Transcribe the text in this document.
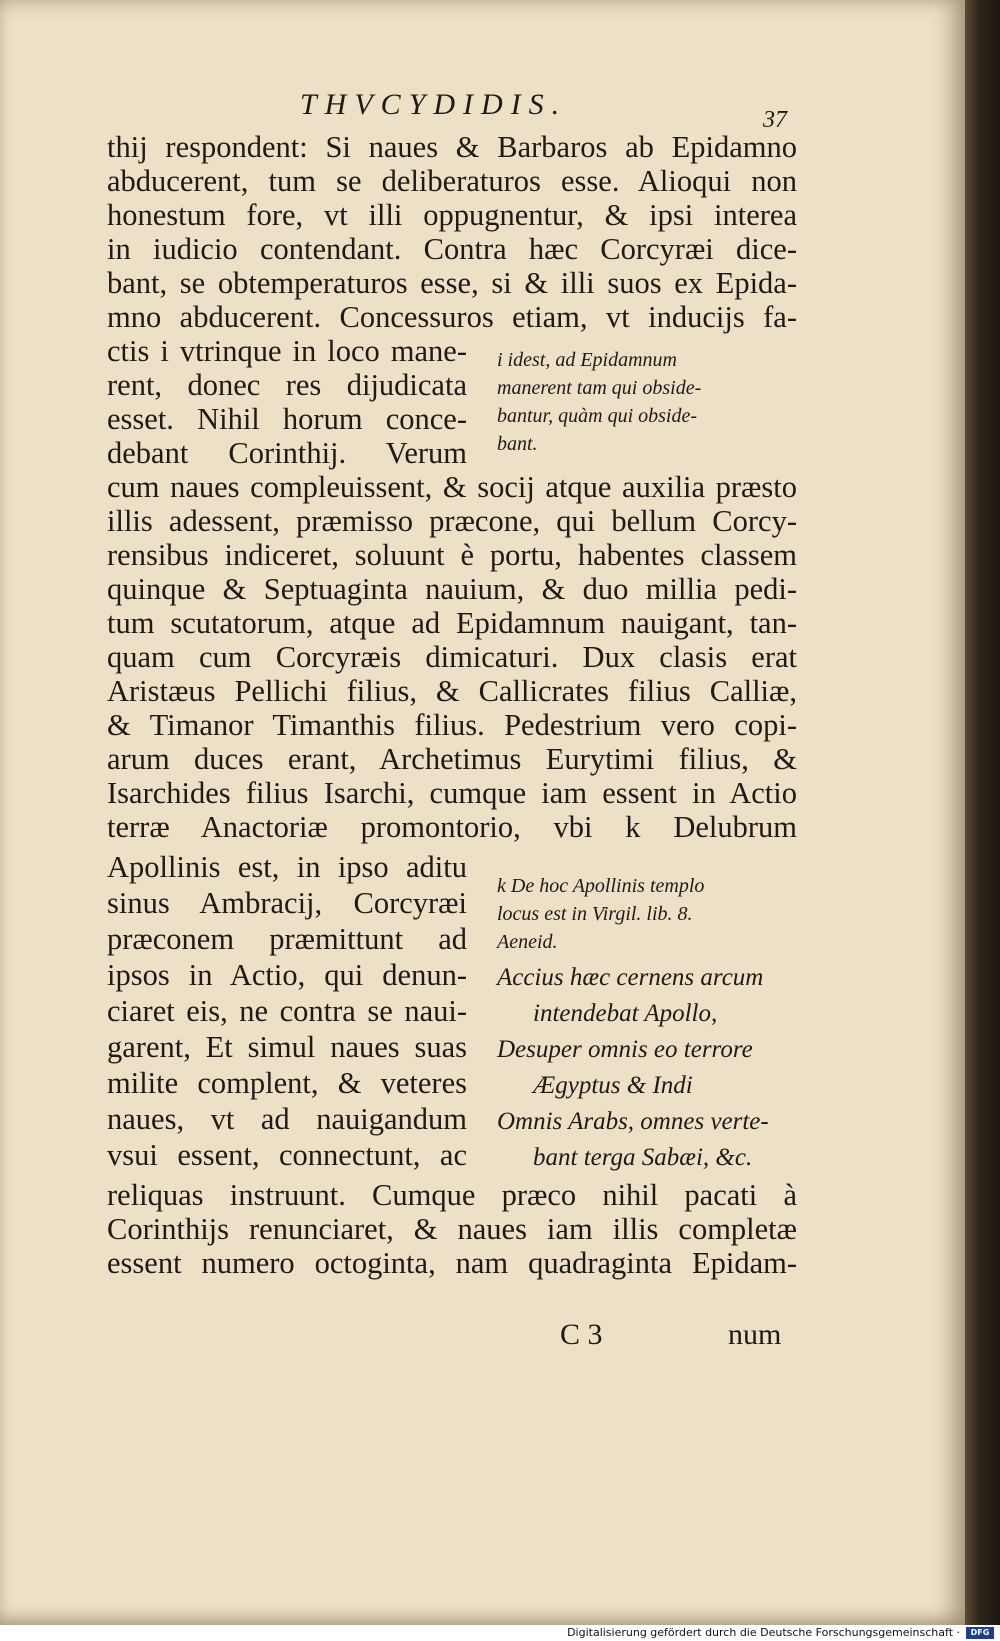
THVCYDIDIS.	37
thij respondent: Si naues & Barbaros ab Epidamno
abducerent, tum se deliberaturos esse. Alioqui non
honestum fore, vt illi oppugnentur, & ipsi interea
in iudicio contendant. Contra hæc Corcyræi dice-
bant, se obtemperaturos esse, si & illi suos ex Epida-
mno abducerent. Concessuros etiam, vt inducijs fa-
ctis i vtrinque in loco mane-
rent, donec res dijudicata
esset. Nihil horum conce-
debant Corinthij. Verum
i idest, ad Epidamnum
manerent tam qui obside-
bantur, quàm qui obside-
bant.
cum naues compleuissent, & socij atque auxilia præsto
illis adessent, præmisso præcone, qui bellum Corcy-
rensibus indiceret, soluunt è portu, habentes classem
quinque & Septuaginta nauium, & duo millia pedi-
tum scutatorum, atque ad Epidamnum nauigant, tan-
quam cum Corcyræis dimicaturi. Dux clasis erat
Aristæus Pellichi filius, & Callicrates filius Calliæ,
& Timanor Timanthis filius. Pedestrium vero copi-
arum duces erant, Archetimus Eurytimi filius, &
Isarchides filius Isarchi, cumque iam essent in Actio
terræ Anactoriæ promontorio, vbi k Delubrum
Apollinis est, in ipso aditu
sinus Ambracij, Corcyræi
præconem præmittunt ad
ipsos in Actio, qui denun-
ciaret eis, ne contra se naui-
garent, Et simul naues suas
milite complent, & veteres
naues, vt ad nauigandum
vsui essent, connectunt, ac
k De hoc Apollinis templo
locus est in Virgil. lib. 8.
Aeneid.
Accius hæc cernens arcum
intendebat Apollo,
Desuper omnis eo terrore
Ægyptus & Indi
Omnis Arabs, omnes verte-
bant terga Sabæi, &c.
reliquas instruunt. Cumque præco nihil pacati à
Corinthijs renunciaret, & naues iam illis completæ
essent numero octoginta, nam quadraginta Epidam-
C 3	num
Digitalisierung gefördert durch die Deutsche Forschungsgemeinschaft ·	DFG
